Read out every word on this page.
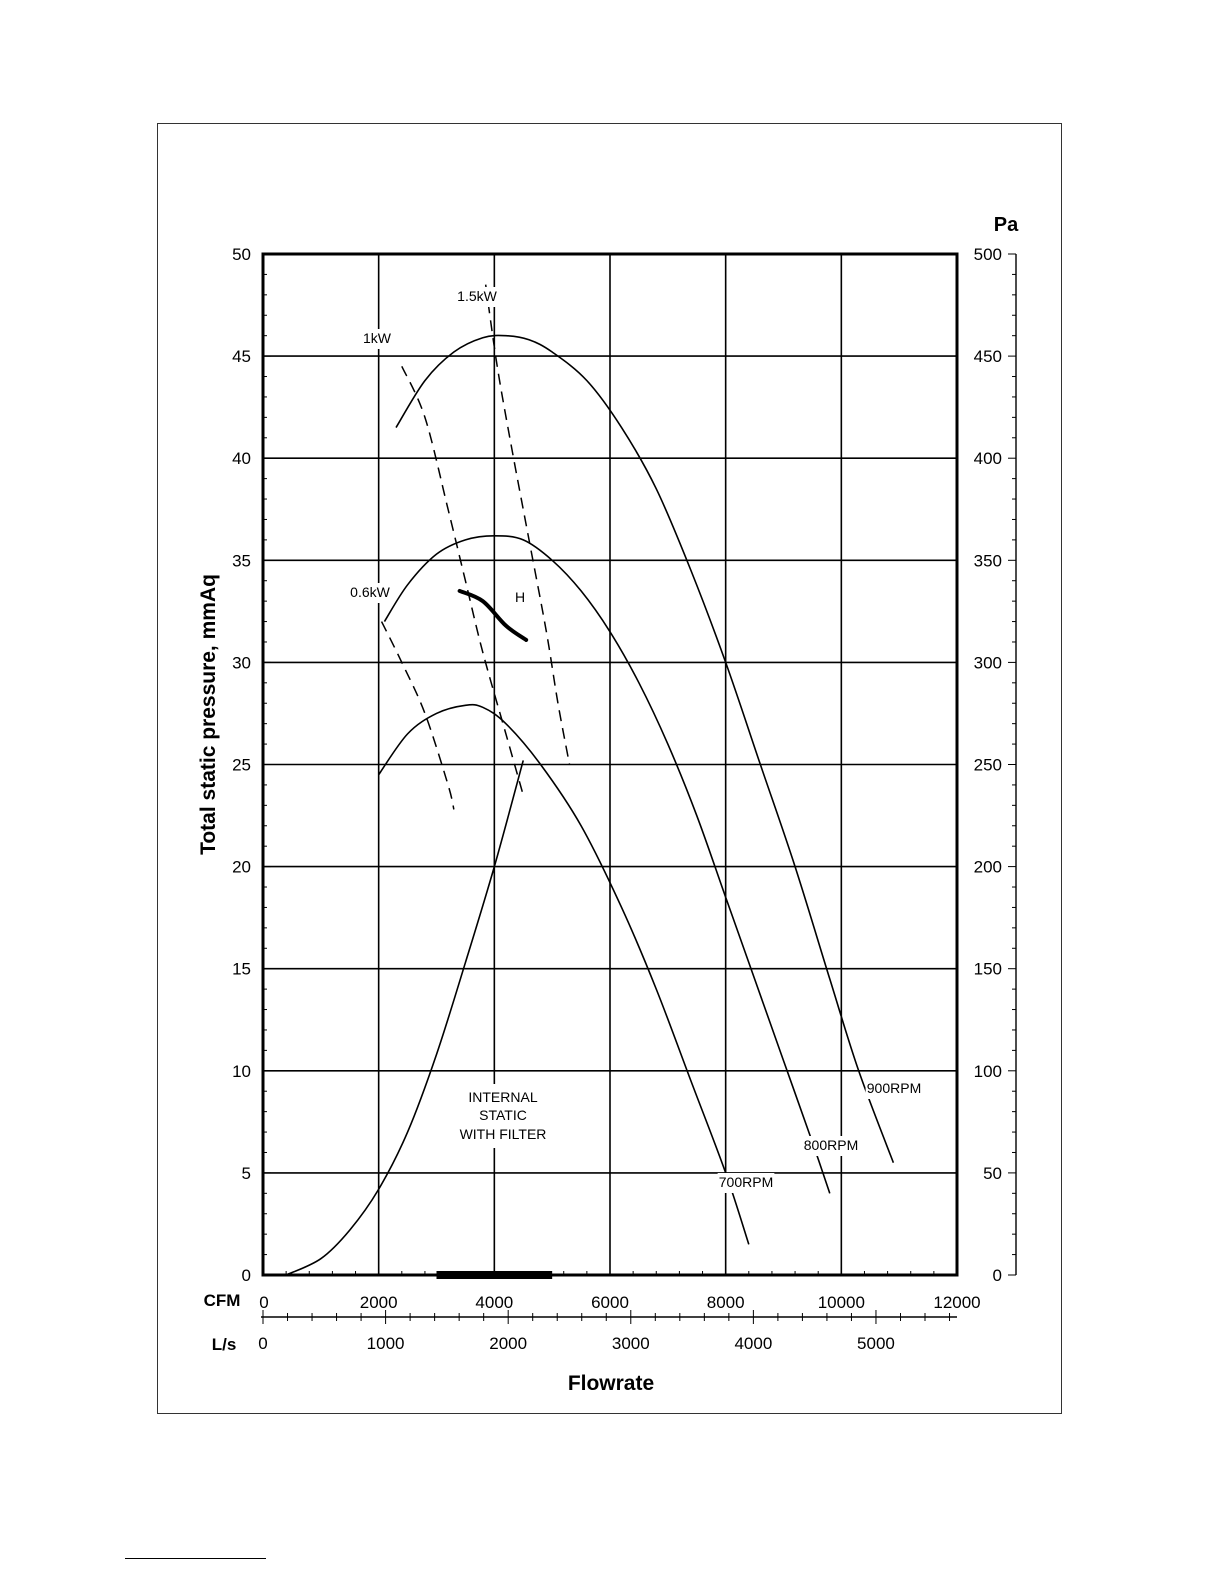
0
5
10
15
20
25
30
35
40
45
50
0
50
100
150
200
250
300
350
400
450
500
Pa
CFM 0	2000	4000	6000	8000	10000	12000
L/s 0	1000	2000	3000	4000	5000
Flowrate
Total static pressure, mmAq
700RPM
800RPM
900RPM
0.6kW
1kW
1.5kW
INTERNAL
STATIC
WITH FILTER
H
